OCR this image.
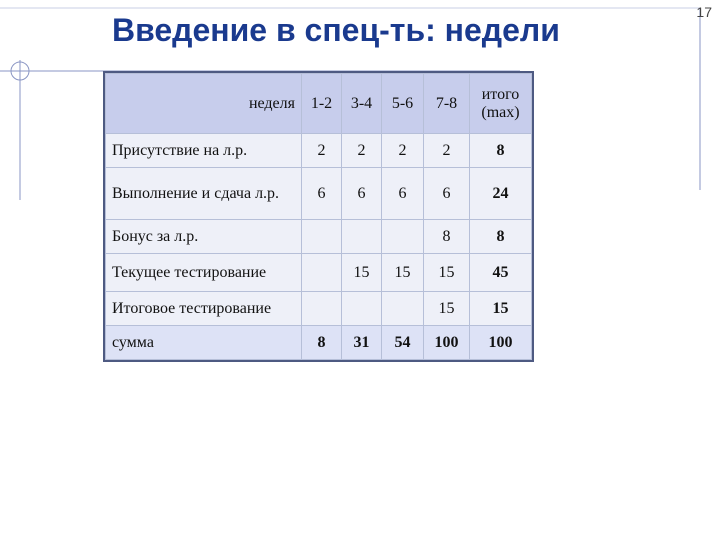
Введение в спец-ть: недели	17
неделя	1-2	3-4	5-6	7-8	итого
(max)

Присутствие на л.р.	2	2	2	2	8
Выполнение и сдача л.р.	6	6	6	6	24
Бонус за л.р.				8	8
Текущее тестирование		15	15	15	45
Итоговое тестирование				15	15
сумма	8	31	54	100	100
